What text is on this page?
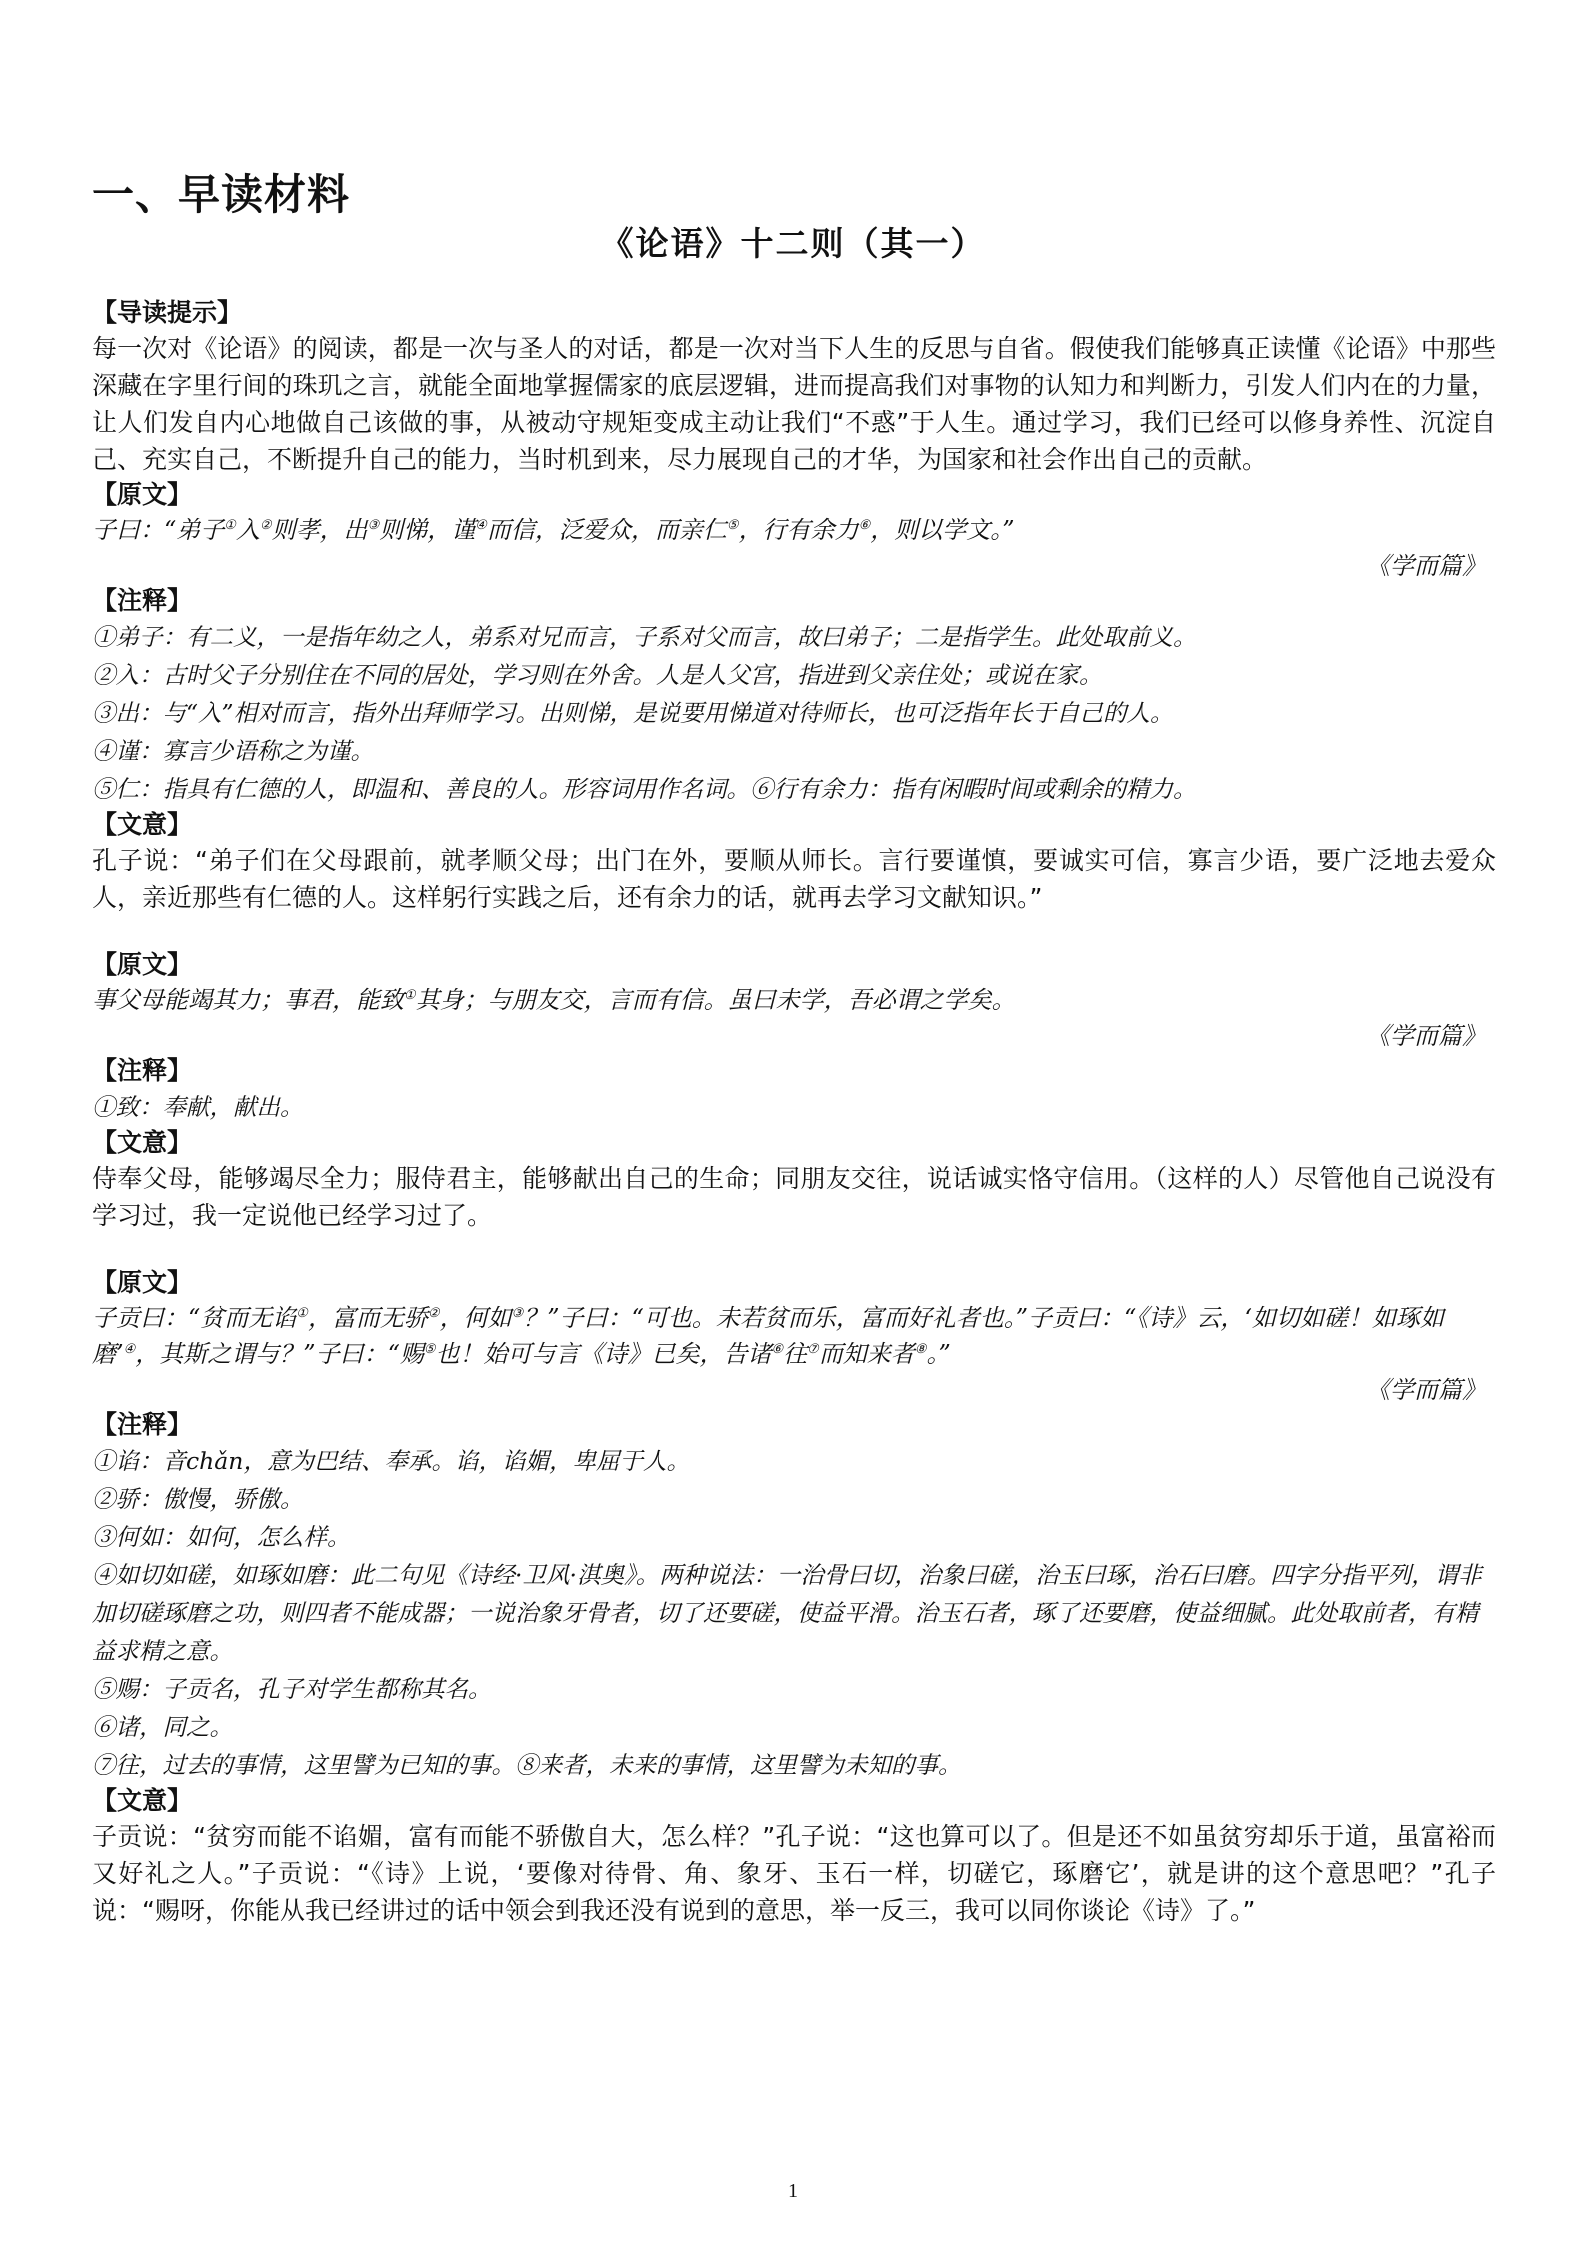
一、早读材料
《论语》十二则（其一）

【导读提示】

每一次对《论语》的阅读，都是一次与圣人的对话，都是一次对当下人生的反思与自省。假使我们能够真正读懂《论语》中那些深藏在字里行间的珠玑之言，就能全面地掌握儒家的底层逻辑，进而提高我们对事物的认知力和判断力，引发人们内在的力量，让人们发自内心地做自己该做的事，从被动守规矩变成主动让我们“不惑”于人生。通过学习，我们已经可以修身养性、沉淀自己、充实自己，不断提升自己的能力，当时机到来，尽力展现自己的才华，为国家和社会作出自己的贡献。

【原文】

子曰：“弟子①入②则孝，出③则悌，谨④而信，泛爱众，而亲仁⑤，行有余力⑥，则以学文。”

《学而篇》

【注释】

①弟子：有二义，一是指年幼之人，弟系对兄而言，子系对父而言，故曰弟子；二是指学生。此处取前义。

②入：古时父子分别住在不同的居处，学习则在外舍。人是人父宫，指进到父亲住处；或说在家。

③出：与“入”相对而言，指外出拜师学习。出则悌，是说要用悌道对待师长，也可泛指年长于自己的人。

④谨：寡言少语称之为谨。

⑤仁：指具有仁德的人，即温和、善良的人。形容词用作名词。⑥行有余力：指有闲暇时间或剩余的精力。

【文意】

孔子说：“弟子们在父母跟前，就孝顺父母；出门在外，要顺从师长。言行要谨慎，要诚实可信，寡言少语，要广泛地去爱众人，亲近那些有仁德的人。这样躬行实践之后，还有余力的话，就再去学习文献知识。”

【原文】

事父母能竭其力；事君，能致①其身；与朋友交，言而有信。虽曰未学，吾必谓之学矣。

《学而篇》

【注释】

①致：奉献，献出。

【文意】

侍奉父母，能够竭尽全力；服侍君主，能够献出自己的生命；同朋友交往，说话诚实恪守信用。（这样的人）尽管他自己说没有学习过，我一定说他已经学习过了。

【原文】

子贡曰：“贫而无谄①，富而无骄②，何如③？”子曰：“可也。未若贫而乐，富而好礼者也。”子贡曰：“《诗》云，‘如切如磋！如琢如磨’④，其斯之谓与？”子曰：“赐⑤也！始可与言《诗》已矣，告诸⑥往⑦而知来者⑧。”

《学而篇》

【注释】

①谄：音chǎn，意为巴结、奉承。谄，谄媚，卑屈于人。

②骄：傲慢，骄傲。

③何如：如何，怎么样。

④如切如磋，如琢如磨：此二句见《诗经·卫风·淇奥》。两种说法：一治骨曰切，治象曰磋，治玉曰琢，治石曰磨。四字分指平列，谓非加切磋琢磨之功，则四者不能成器；一说治象牙骨者，切了还要磋，使益平滑。治玉石者，琢了还要磨，使益细腻。此处取前者，有精益求精之意。

⑤赐：子贡名，孔子对学生都称其名。

⑥诸，同之。

⑦往，过去的事情，这里譬为已知的事。⑧来者，未来的事情，这里譬为未知的事。

【文意】

子贡说：“贫穷而能不谄媚，富有而能不骄傲自大，怎么样？”孔子说：“这也算可以了。但是还不如虽贫穷却乐于道，虽富裕而又好礼之人。”子贡说：“《诗》上说，‘要像对待骨、角、象牙、玉石一样，切磋它，琢磨它’，就是讲的这个意思吧？”孔子说：“赐呀，你能从我已经讲过的话中领会到我还没有说到的意思，举一反三，我可以同你谈论《诗》了。”

1
